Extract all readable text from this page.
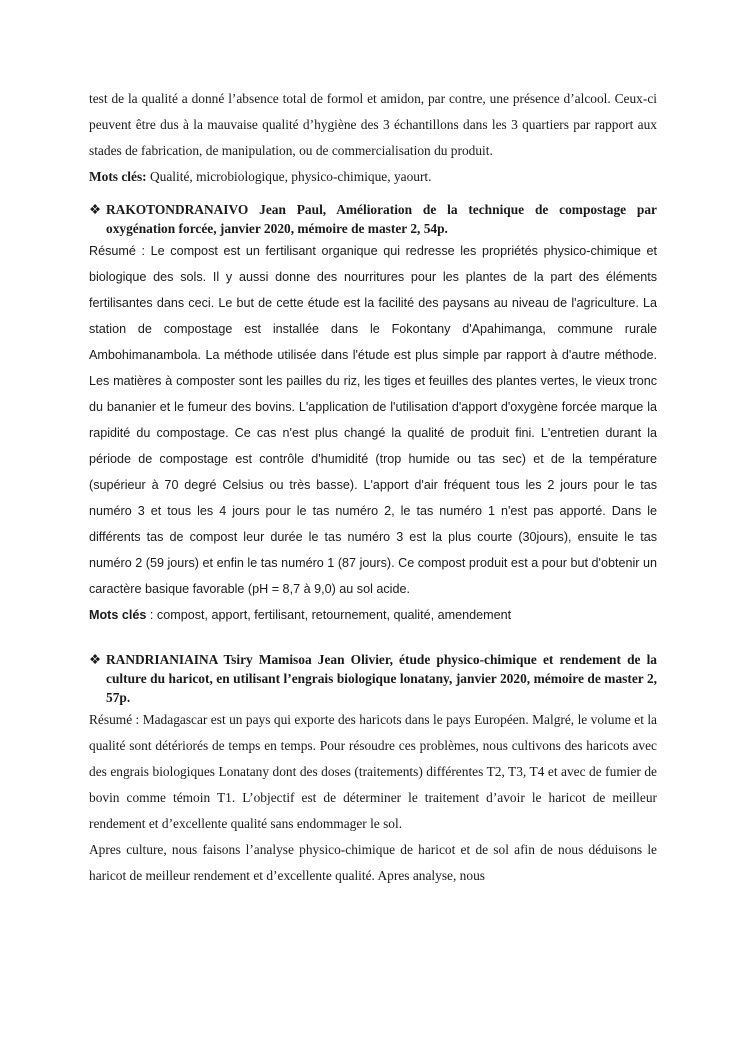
test de la qualité a donné l’absence total de formol et amidon, par contre, une présence d’alcool. Ceux-ci peuvent être dus à la mauvaise qualité d’hygiène des 3 échantillons dans les 3 quartiers par rapport aux stades de fabrication, de manipulation, ou de commercialisation du produit.

Mots clés: Qualité, microbiologique, physico-chimique, yaourt.

❖ RAKOTONDRANAIVO Jean Paul, Amélioration de la technique de compostage par oxygénation forcée, janvier 2020, mémoire de master 2, 54p.

Résumé : Le compost est un fertilisant organique qui redresse les propriétés physico-chimique et biologique des sols. Il y aussi donne des nourritures pour les plantes de la part des éléments fertilisantes dans ceci. Le but de cette étude est la facilité des paysans au niveau de l'agriculture. La station de compostage est installée dans le Fokontany d'Apahimanga, commune rurale Ambohimanambola. La méthode utilisée dans l'étude est plus simple par rapport à d'autre méthode. Les matières à composter sont les pailles du riz, les tiges et feuilles des plantes vertes, le vieux tronc du bananier et le fumeur des bovins. L'application de l'utilisation d'apport d'oxygène forcée marque la rapidité du compostage. Ce cas n'est plus changé la qualité de produit fini. L'entretien durant la période de compostage est contrôle d'humidité (trop humide ou tas sec) et de la température (supérieur à 70 degré Celsius ou très basse). L'apport d'air fréquent tous les 2 jours pour le tas numéro 3 et tous les 4 jours pour le tas numéro 2, le tas numéro 1 n'est pas apporté. Dans le différents tas de compost leur durée le tas numéro 3 est la plus courte (30jours), ensuite le tas numéro 2 (59 jours) et enfin le tas numéro 1 (87 jours). Ce compost produit est a pour but d'obtenir un caractère basique favorable (pH = 8,7 à 9,0) au sol acide.

Mots clés : compost, apport, fertilisant, retournement, qualité, amendement

❖ RANDRIANIAINA Tsiry Mamisoa Jean Olivier, étude physico-chimique et rendement de la culture du haricot, en utilisant l’engrais biologique lonatany, janvier 2020, mémoire de master 2, 57p.

Résumé : Madagascar est un pays qui exporte des haricots dans le pays Européen. Malgré, le volume et la qualité sont détériorés de temps en temps. Pour résoudre ces problèmes, nous cultivons des haricots avec des engrais biologiques Lonatany dont des doses (traitements) différentes T2, T3, T4 et avec de fumier de bovin comme témoin T1. L’objectif est de déterminer le traitement d’avoir le haricot de meilleur rendement et d’excellente qualité sans endommager le sol.

Apres culture, nous faisons l’analyse physico-chimique de haricot et de sol afin de nous déduisons le haricot de meilleur rendement et d’excellente qualité. Apres analyse, nous
